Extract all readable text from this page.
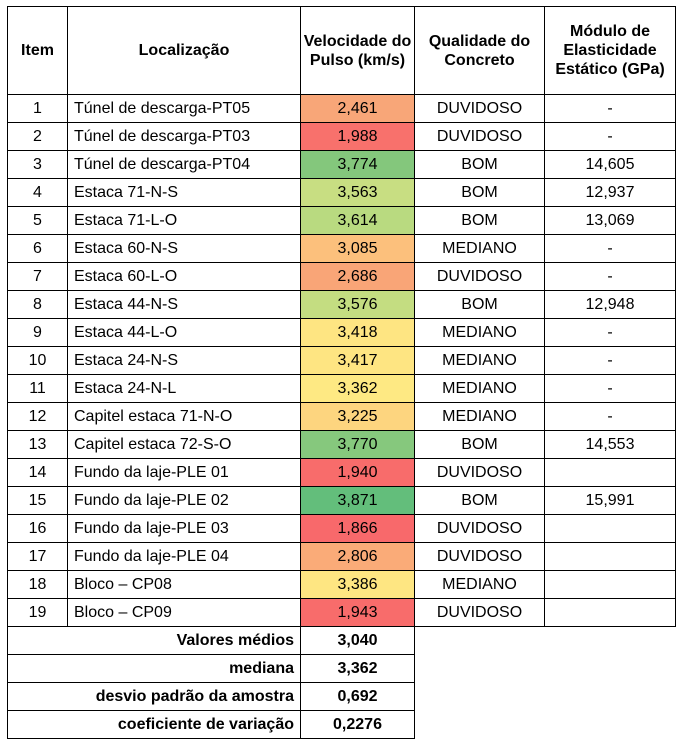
Item	Localização	Velocidade do Pulso (km/s)	Qualidade do Concreto	Módulo de Elasticidade Estático (GPa)
1	Túnel de descarga-PT05	2,461	DUVIDOSO	-
2	Túnel de descarga-PT03	1,988	DUVIDOSO	-
3	Túnel de descarga-PT04	3,774	BOM	14,605
4	Estaca 71-N-S	3,563	BOM	12,937
5	Estaca 71-L-O	3,614	BOM	13,069
6	Estaca 60-N-S	3,085	MEDIANO	-
7	Estaca 60-L-O	2,686	DUVIDOSO	-
8	Estaca 44-N-S	3,576	BOM	12,948
9	Estaca 44-L-O	3,418	MEDIANO	-
10	Estaca 24-N-S	3,417	MEDIANO	-
11	Estaca 24-N-L	3,362	MEDIANO	-
12	Capitel estaca 71-N-O	3,225	MEDIANO	-
13	Capitel estaca 72-S-O	3,770	BOM	14,553
14	Fundo da laje-PLE 01	1,940	DUVIDOSO	
15	Fundo da laje-PLE 02	3,871	BOM	15,991
16	Fundo da laje-PLE 03	1,866	DUVIDOSO	
17	Fundo da laje-PLE 04	2,806	DUVIDOSO	
18	Bloco – CP08	3,386	MEDIANO	
19	Bloco – CP09	1,943	DUVIDOSO	
Valores médios		3,040		
mediana		3,362		
desvio padrão da amostra		0,692		
coeficiente de variação		0,2276		
